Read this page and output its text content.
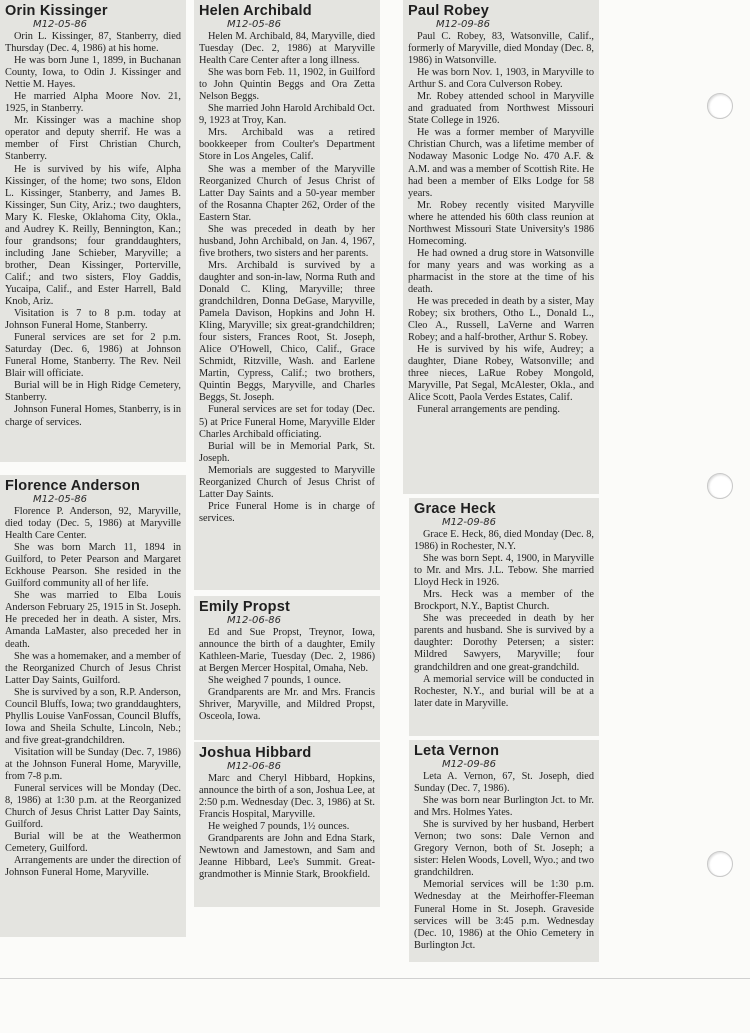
Orin Kissinger
M12-05-86

Orin L. Kissinger, 87, Stanberry, died Thursday (Dec. 4, 1986) at his home.

He was born June 1, 1899, in Buchanan County, Iowa, to Odin J. Kissinger and Nettie M. Hayes.

He married Alpha Moore Nov. 21, 1925, in Stanberry.

Mr. Kissinger was a machine shop operator and deputy sherrif. He was a member of First Christian Church, Stanberry.

He is survived by his wife, Alpha Kissinger, of the home; two sons, Eldon L. Kissinger, Stanberry, and James B. Kissinger, Sun City, Ariz.; two daughters, Mary K. Fleske, Oklahoma City, Okla., and Audrey K. Reilly, Bennington, Kan.; four grandsons; four granddaughters, including Jane Schieber, Maryville; a brother, Dean Kissinger, Porterville, Calif.; and two sisters, Floy Gaddis, Yucaipa, Calif., and Ester Harrell, Bald Knob, Ariz.

Visitation is 7 to 8 p.m. today at Johnson Funeral Home, Stanberry.

Funeral services are set for 2 p.m. Saturday (Dec. 6, 1986) at Johnson Funeral Home, Stanberry. The Rev. Neil Blair will officiate.

Burial will be in High Ridge Cemetery, Stanberry.

Johnson Funeral Homes, Stanberry, is in charge of services.

Florence Anderson
M12-05-86

Florence P. Anderson, 92, Maryville, died today (Dec. 5, 1986) at Maryville Health Care Center.

She was born March 11, 1894 in Guilford, to Peter Pearson and Margaret Eckhouse Pearson. She resided in the Guilford community all of her life.

She was married to Elba Louis Anderson February 25, 1915 in St. Joseph. He preceded her in death. A sister, Mrs. Amanda LaMaster, also preceded her in death.

She was a homemaker, and a member of the Reorganized Church of Jesus Christ Latter Day Saints, Guilford.

She is survived by a son, R.P. Anderson, Council Bluffs, Iowa; two granddaughters, Phyllis Louise VanFossan, Council Bluffs, Iowa and Sheila Schulte, Lincoln, Neb.; and five great-grandchildren.

Visitation will be Sunday (Dec. 7, 1986) at the Johnson Funeral Home, Maryville, from 7-8 p.m.

Funeral services will be Monday (Dec. 8, 1986) at 1:30 p.m. at the Reorganized Church of Jesus Christ Latter Day Saints, Guilford.

Burial will be at the Weathermon Cemetery, Guilford.

Arrangements are under the direction of Johnson Funeral Home, Maryville.

Helen Archibald
M12-05-86

Helen M. Archibald, 84, Maryville, died Tuesday (Dec. 2, 1986) at Maryville Health Care Center after a long illness.

She was born Feb. 11, 1902, in Guilford to John Quintin Beggs and Ora Zetta Nelson Beggs.

She married John Harold Archibald Oct. 9, 1923 at Troy, Kan.

Mrs. Archibald was a retired bookkeeper from Coulter's Department Store in Los Angeles, Calif.

She was a member of the Maryville Reorganized Church of Jesus Christ of Latter Day Saints and a 50-year member of the Rosanna Chapter 262, Order of the Eastern Star.

She was preceded in death by her husband, John Archibald, on Jan. 4, 1967, five brothers, two sisters and her parents.

Mrs. Archibald is survived by a daughter and son-in-law, Norma Ruth and Donald C. Kling, Maryville; three grandchildren, Donna DeGase, Maryville, Pamela Davison, Hopkins and John H. Kling, Maryville; six great-grandchildren; four sisters, Frances Root, St. Joseph, Alice O'Howell, Chico, Calif., Grace Schmidt, Ritzville, Wash. and Earlene Martin, Cypress, Calif.; two brothers, Quintin Beggs, Maryville, and Charles Beggs, St. Joseph.

Funeral services are set for today (Dec. 5) at Price Funeral Home, Maryville Elder Charles Archibald officiating.

Burial will be in Memorial Park, St. Joseph.

Memorials are suggested to Maryville Reorganized Church of Jesus Christ of Latter Day Saints.

Price Funeral Home is in charge of services.

Emily Propst
M12-06-86

Ed and Sue Propst, Treynor, Iowa, announce the birth of a daughter, Emily Kathleen-Marie, Tuesday (Dec. 2, 1986) at Bergen Mercer Hospital, Omaha, Neb.

She weighed 7 pounds, 1 ounce.

Grandparents are Mr. and Mrs. Francis Shriver, Maryville, and Mildred Propst, Osceola, Iowa.

Joshua Hibbard
M12-06-86

Marc and Cheryl Hibbard, Hopkins, announce the birth of a son, Joshua Lee, at 2:50 p.m. Wednesday (Dec. 3, 1986) at St. Francis Hospital, Maryville.

He weighed 7 pounds, 1½ ounces.

Grandparents are John and Edna Stark, Newtown and Jamestown, and Sam and Jeanne Hibbard, Lee's Summit. Great-grandmother is Minnie Stark, Brookfield.

Paul Robey
M12-09-86

Paul C. Robey, 83, Watsonville, Calif., formerly of Maryville, died Monday (Dec. 8, 1986) in Watsonville.

He was born Nov. 1, 1903, in Maryville to Arthur S. and Cora Culverson Robey.

Mr. Robey attended school in Maryville and graduated from Northwest Missouri State College in 1926.

He was a former member of Maryville Christian Church, was a lifetime member of Nodaway Masonic Lodge No. 470 A.F. & A.M. and was a member of Scottish Rite. He had been a member of Elks Lodge for 58 years.

Mr. Robey recently visited Maryville where he attended his 60th class reunion at Northwest Missouri State University's 1986 Homecoming.

He had owned a drug store in Watsonville for many years and was working as a pharmacist in the store at the time of his death.

He was preceded in death by a sister, May Robey; six brothers, Otho L., Donald L., Cleo A., Russell, LaVerne and Warren Robey; and a half-brother, Arthur S. Robey.

He is survived by his wife, Audrey; a daughter, Diane Robey, Watsonville; and three nieces, LaRue Robey Mongold, Maryville, Pat Segal, McAlester, Okla., and Alice Scott, Paola Verdes Estates, Calif.

Funeral arrangements are pending.

Grace Heck
M12-09-86

Grace E. Heck, 86, died Monday (Dec. 8, 1986) in Rochester, N.Y.

She was born Sept. 4, 1900, in Maryville to Mr. and Mrs. J.L. Tebow. She married Lloyd Heck in 1926.

Mrs. Heck was a member of the Brockport, N.Y., Baptist Church.

She was preceeded in death by her parents and husband. She is survived by a daughter: Dorothy Petersen; a sister: Mildred Sawyers, Maryville; four grandchildren and one great-grandchild.

A memorial service will be conducted in Rochester, N.Y., and burial will be at a later date in Maryville.

Leta Vernon
M12-09-86

Leta A. Vernon, 67, St. Joseph, died Sunday (Dec. 7, 1986).

She was born near Burlington Jct. to Mr. and Mrs. Holmes Yates.

She is survived by her husband, Herbert Vernon; two sons: Dale Vernon and Gregory Vernon, both of St. Joseph; a sister: Helen Woods, Lovell, Wyo.; and two grandchildren.

Memorial services will be 1:30 p.m. Wednesday at the Meirhoffer-Fleeman Funeral Home in St. Joseph. Graveside services will be 3:45 p.m. Wednesday (Dec. 10, 1986) at the Ohio Cemetery in Burlington Jct.
